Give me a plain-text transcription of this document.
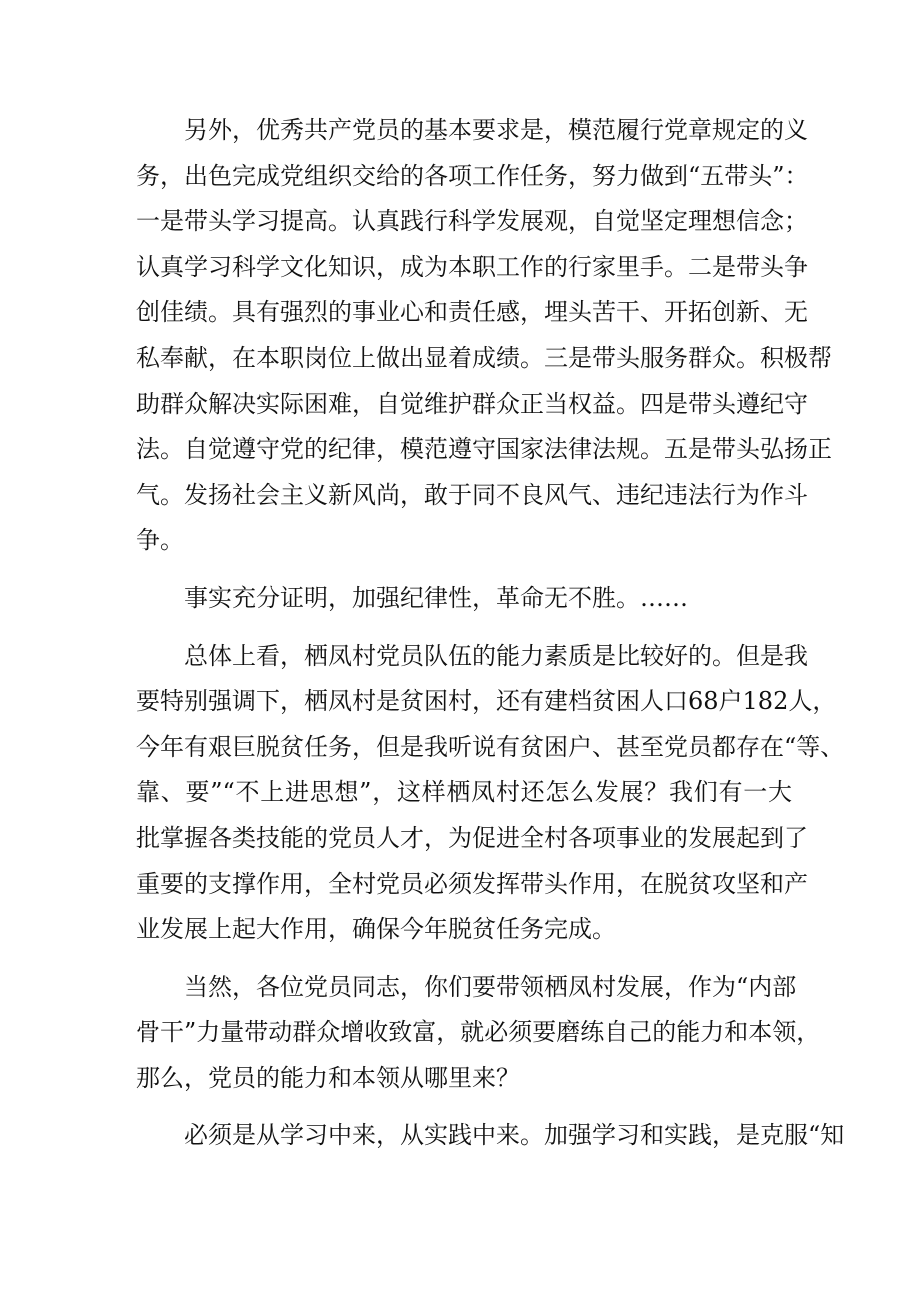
另外，优秀共产党员的基本要求是，模范履行党章规定的义
务，出色完成党组织交给的各项工作任务，努力做到“五带头”：
一是带头学习提高。认真践行科学发展观，自觉坚定理想信念；
认真学习科学文化知识，成为本职工作的行家里手。二是带头争
创佳绩。具有强烈的事业心和责任感，埋头苦干、开拓创新、无
私奉献，在本职岗位上做出显着成绩。三是带头服务群众。积极帮
助群众解决实际困难，自觉维护群众正当权益。四是带头遵纪守
法。自觉遵守党的纪律，模范遵守国家法律法规。五是带头弘扬正
气。发扬社会主义新风尚，敢于同不良风气、违纪违法行为作斗
争。
事实充分证明，加强纪律性，革命无不胜。……
总体上看，栖凤村党员队伍的能力素质是比较好的。但是我
要特别强调下，栖凤村是贫困村，还有建档贫困人口68户182人，
今年有艰巨脱贫任务，但是我听说有贫困户、甚至党员都存在“等、
靠、要”“不上进思想”，这样栖凤村还怎么发展？我们有一大
批掌握各类技能的党员人才，为促进全村各项事业的发展起到了
重要的支撑作用，全村党员必须发挥带头作用，在脱贫攻坚和产
业发展上起大作用，确保今年脱贫任务完成。
当然，各位党员同志，你们要带领栖凤村发展，作为“内部
骨干”力量带动群众增收致富，就必须要磨练自己的能力和本领，
那么，党员的能力和本领从哪里来？
必须是从学习中来，从实践中来。加强学习和实践，是克服“知
